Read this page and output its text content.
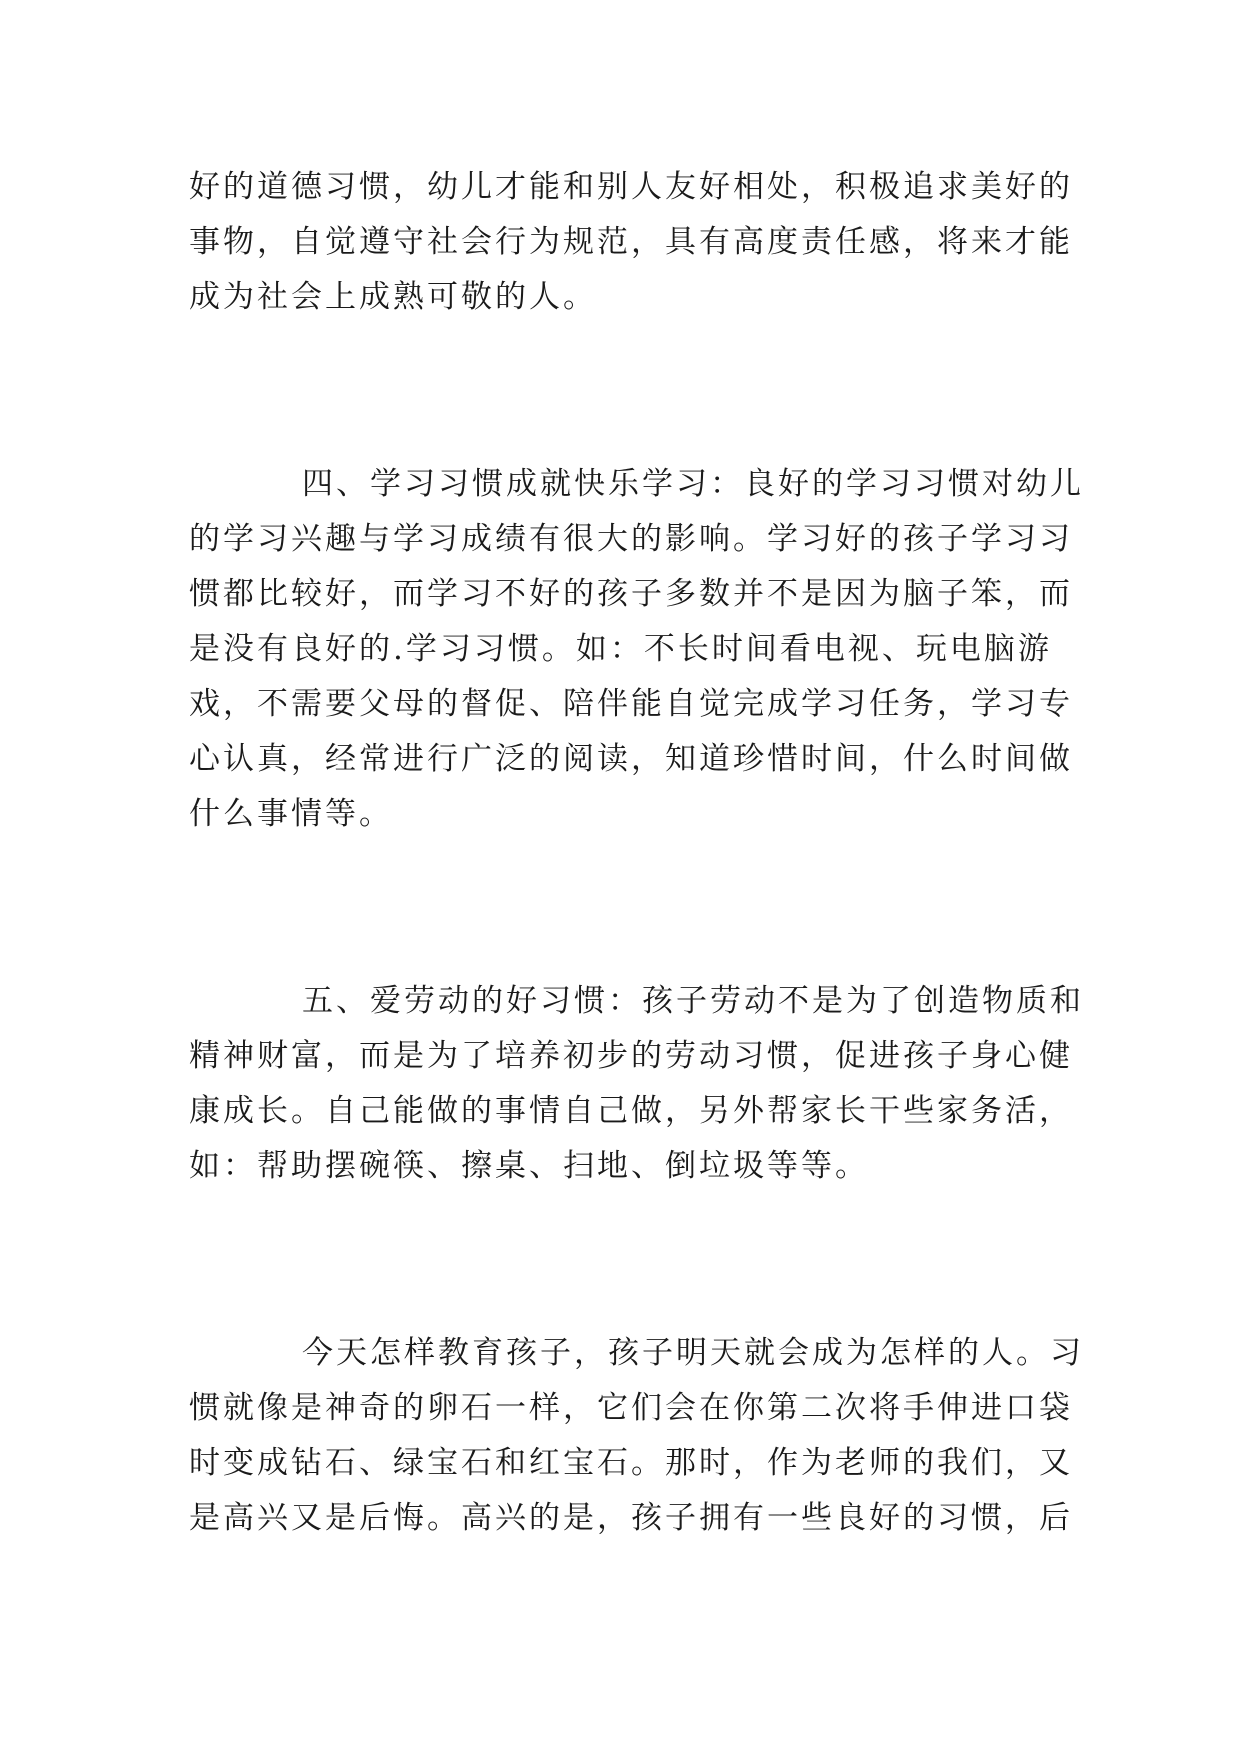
好的道德习惯，幼儿才能和别人友好相处，积极追求美好的
事物，自觉遵守社会行为规范，具有高度责任感，将来才能
成为社会上成熟可敬的人。
四、学习习惯成就快乐学习：良好的学习习惯对幼儿
的学习兴趣与学习成绩有很大的影响。学习好的孩子学习习
惯都比较好，而学习不好的孩子多数并不是因为脑子笨，而
是没有良好的.学习习惯。如：不长时间看电视、玩电脑游
戏，不需要父母的督促、陪伴能自觉完成学习任务，学习专
心认真，经常进行广泛的阅读，知道珍惜时间，什么时间做
什么事情等。
五、爱劳动的好习惯：孩子劳动不是为了创造物质和
精神财富，而是为了培养初步的劳动习惯，促进孩子身心健
康成长。自己能做的事情自己做，另外帮家长干些家务活，
如：帮助摆碗筷、擦桌、扫地、倒垃圾等等。
今天怎样教育孩子，孩子明天就会成为怎样的人。习
惯就像是神奇的卵石一样，它们会在你第二次将手伸进口袋
时变成钻石、绿宝石和红宝石。那时，作为老师的我们，又
是高兴又是后悔。高兴的是，孩子拥有一些良好的习惯，后
